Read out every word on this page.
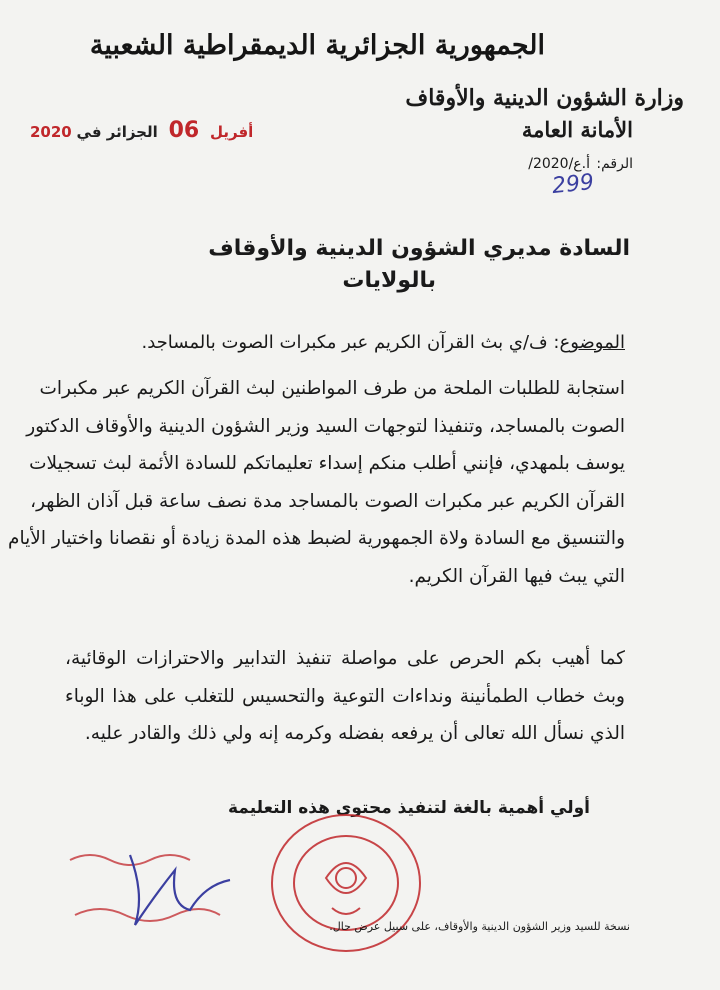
الجمهورية الجزائرية الديمقراطية الشعبية
وزارة الشؤون الدينية والأوقاف
الأمانة العامة
2020	أفريل 06 الجزائر في
الرقم:
/أ.ع/2020
299
السادة مديري الشؤون الدينية والأوقاف
بالولايات
الموضوع: ف/ي بث القرآن الكريم عبر مكبرات الصوت بالمساجد.
استجابة للطلبات الملحة من طرف المواطنين لبث القرآن الكريم عبر مكبرات
الصوت بالمساجد، وتنفيذا لتوجهات السيد وزير الشؤون الدينية والأوقاف الدكتور
يوسف بلمهدي، فإنني أطلب منكم إسداء تعليماتكم للسادة الأئمة لبث تسجيلات
القرآن الكريم عبر مكبرات الصوت بالمساجد مدة نصف ساعة قبل آذان الظهر،
والتنسيق مع السادة ولاة الجمهورية لضبط هذه المدة زيادة أو نقصانا واختيار الأيام
التي يبث فيها القرآن الكريم.
كما أهيب بكم الحرص على مواصلة تنفيذ التدابير والاحترازات الوقائية،
وبث خطاب الطمأنينة ونداءات التوعية والتحسيس للتغلب على هذا الوباء
الذي نسأل الله تعالى أن يرفعه بفضله وكرمه إنه ولي ذلك والقادر عليه.
أولي أهمية بالغة لتنفيذ محتوى هذه التعليمة
نسخة للسيد وزير الشؤون الدينية والأوقاف، على سبيل عرض حال.
